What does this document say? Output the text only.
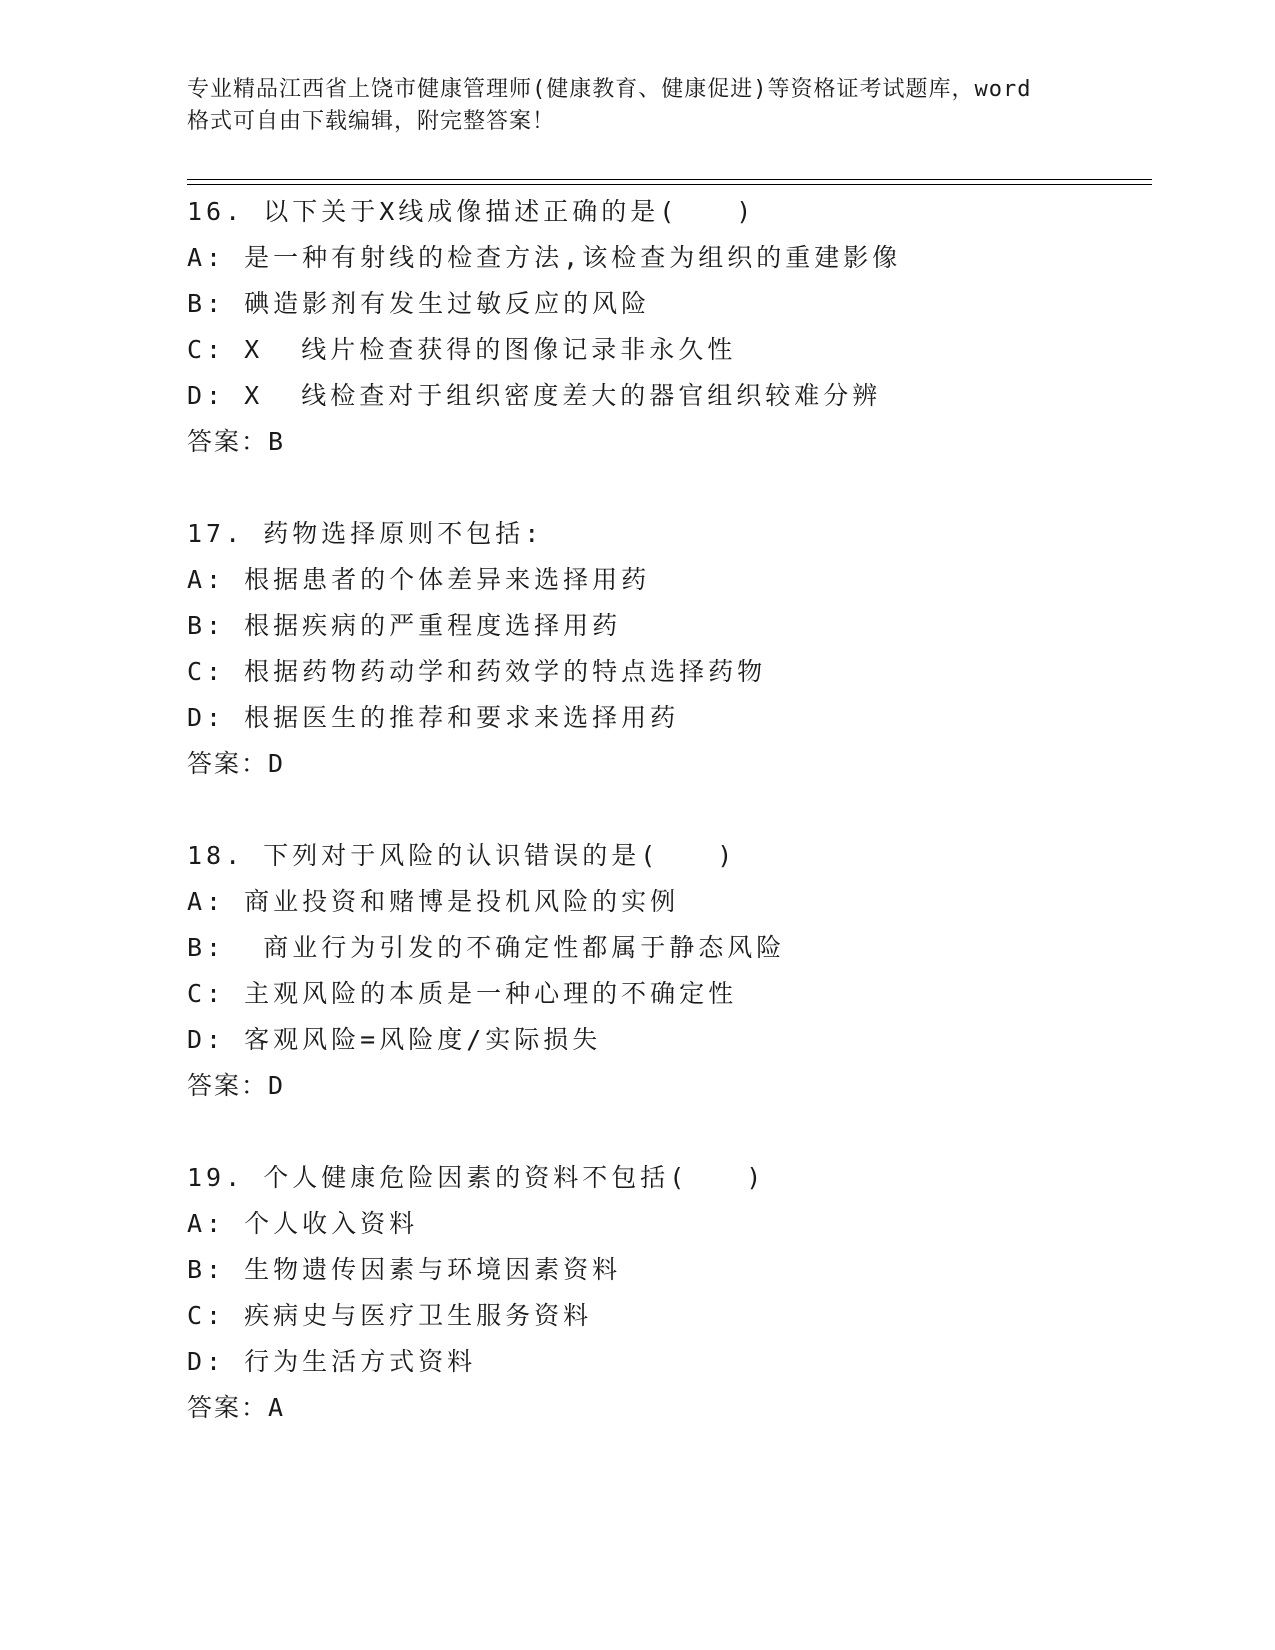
专业精品江西省上饶市健康管理师(健康教育、健康促进)等资格证考试题库，word
格式可自由下载编辑，附完整答案！
16. 以下关于X线成像描述正确的是(　　)
A: 是一种有射线的检查方法,该检查为组织的重建影像
B: 碘造影剂有发生过敏反应的风险
C: X  线片检查获得的图像记录非永久性
D: X  线检查对于组织密度差大的器官组织较难分辨
答案：B
17. 药物选择原则不包括:
A: 根据患者的个体差异来选择用药
B: 根据疾病的严重程度选择用药
C: 根据药物药动学和药效学的特点选择药物
D: 根据医生的推荐和要求来选择用药
答案：D
18. 下列对于风险的认识错误的是(　　)
A: 商业投资和赌博是投机风险的实例
B:  商业行为引发的不确定性都属于静态风险
C: 主观风险的本质是一种心理的不确定性
D: 客观风险=风险度/实际损失
答案：D
19. 个人健康危险因素的资料不包括(　　)
A: 个人收入资料
B: 生物遗传因素与环境因素资料
C: 疾病史与医疗卫生服务资料
D: 行为生活方式资料
答案：A
